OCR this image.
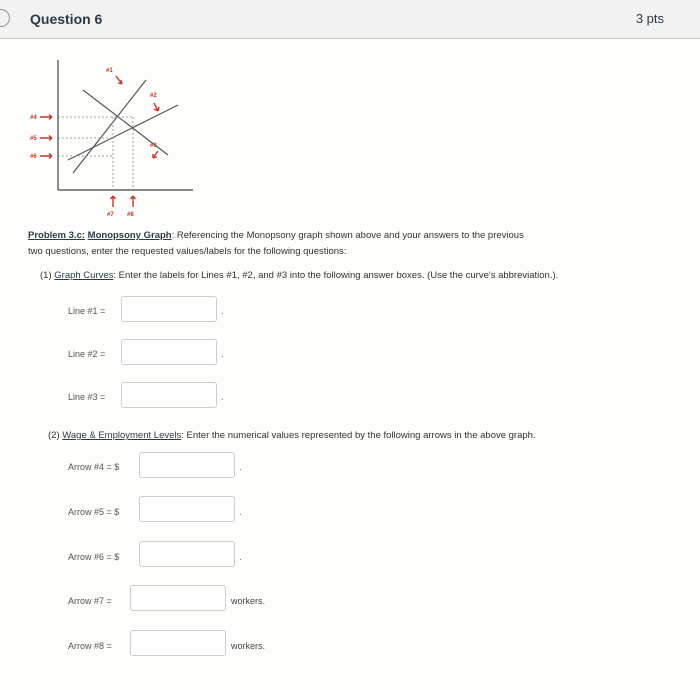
Question 6	3 pts
#1
#2
#3
#4
#5
#6
#7 #8
Problem 3.c: Monopsony Graph: Referencing the Monopsony graph shown above and your answers to the previous
two questions, enter the requested values/labels for the following questions:
(1) Graph Curves: Enter the labels for Lines #1, #2, and #3 into the following answer boxes. (Use the curve's abbreviation.).
Line #1 =	.
Line #2 =	.
Line #3 =	.
(2) Wage & Employment Levels: Enter the numerical values represented by the following arrows in the above graph.
Arrow #4 = $	.
Arrow #5 = $	.
Arrow #6 = $	.
Arrow #7 =	workers.
Arrow #8 =	workers.
